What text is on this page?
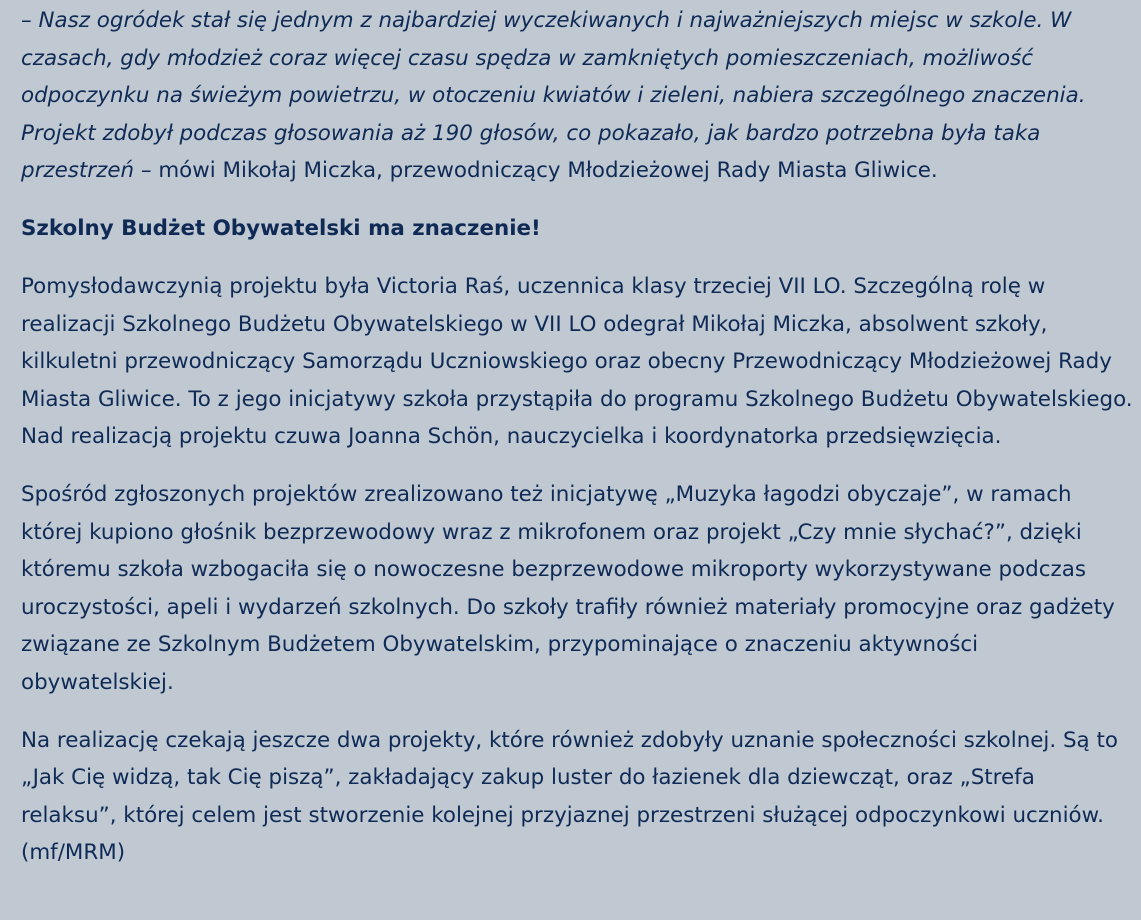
– Nasz ogródek stał się jednym z najbardziej wyczekiwanych i najważniejszych miejsc w szkole. W czasach, gdy młodzież coraz więcej czasu spędza w zamkniętych pomieszczeniach, możliwość odpoczynku na świeżym powietrzu, w otoczeniu kwiatów i zieleni, nabiera szczególnego znaczenia. Projekt zdobył podczas głosowania aż 190 głosów, co pokazało, jak bardzo potrzebna była taka przestrzeń – mówi Mikołaj Miczka, przewodniczący Młodzieżowej Rady Miasta Gliwice.

Szkolny Budżet Obywatelski ma znaczenie!

Pomysłodawczynią projektu była Victoria Raś, uczennica klasy trzeciej VII LO. Szczególną rolę w realizacji Szkolnego Budżetu Obywatelskiego w VII LO odegrał Mikołaj Miczka, absolwent szkoły, kilkuletni przewodniczący Samorządu Uczniowskiego oraz obecny Przewodniczący Młodzieżowej Rady Miasta Gliwice. To z jego inicjatywy szkoła przystąpiła do programu Szkolnego Budżetu Obywatelskiego. Nad realizacją projektu czuwa Joanna Schön, nauczycielka i koordynatorka przedsięwzięcia.

Spośród zgłoszonych projektów zrealizowano też inicjatywę „Muzyka łagodzi obyczaje”, w ramach której kupiono głośnik bezprzewodowy wraz z mikrofonem oraz projekt „Czy mnie słychać?”, dzięki któremu szkoła wzbogaciła się o nowoczesne bezprzewodowe mikroporty wykorzystywane podczas uroczystości, apeli i wydarzeń szkolnych. Do szkoły trafiły również materiały promocyjne oraz gadżety związane ze Szkolnym Budżetem Obywatelskim, przypominające o znaczeniu aktywności obywatelskiej.

Na realizację czekają jeszcze dwa projekty, które również zdobyły uznanie społeczności szkolnej. Są to „Jak Cię widzą, tak Cię piszą”, zakładający zakup luster do łazienek dla dziewcząt, oraz „Strefa relaksu”, której celem jest stworzenie kolejnej przyjaznej przestrzeni służącej odpoczynkowi uczniów. (mf/MRM)
